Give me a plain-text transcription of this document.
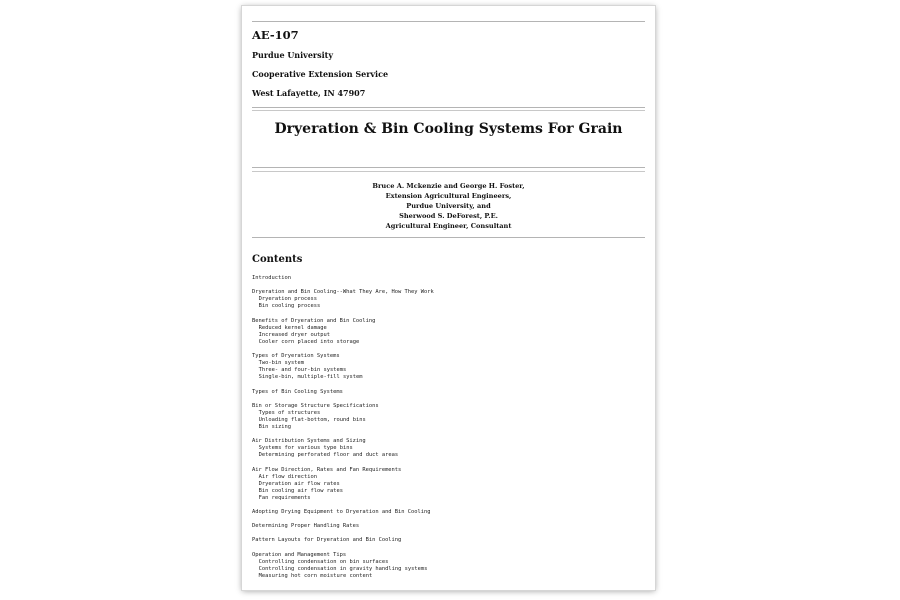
AE-107
Purdue University
Cooperative Extension Service
West Lafayette, IN 47907
Dryeration & Bin Cooling Systems For Grain
Bruce A. Mckenzie and George H. Foster,
Extension Agricultural Engineers,
Purdue University, and
Sherwood S. DeForest, P.E.
Agricultural Engineer, Consultant
Contents
Introduction
Dryeration and Bin Cooling--What They Are, How They Work
Dryeration process
Bin cooling process
Benefits of Dryeration and Bin Cooling
Reduced kernel damage
Increased dryer output
Cooler corn placed into storage
Types of Dryeration Systems
Two-bin system
Three- and four-bin systems
Single-bin, multiple-fill system
Types of Bin Cooling Systems
Bin or Storage Structure Specifications
Types of structures
Unloading flat-bottom, round bins
Bin sizing
Air Distribution Systems and Sizing
Systems for various type bins
Determining perforated floor and duct areas
Air Flow Direction, Rates and Fan Requirements
Air flow direction
Dryeration air flow rates
Bin cooling air flow rates
Fan requirements
Adopting Drying Equipment to Dryeration and Bin Cooling
Determining Proper Handling Rates
Pattern Layouts for Dryeration and Bin Cooling
Operation and Management Tips
Controlling condensation on bin surfaces
Controlling condensation in gravity handling systems
Measuring hot corn moisture content
